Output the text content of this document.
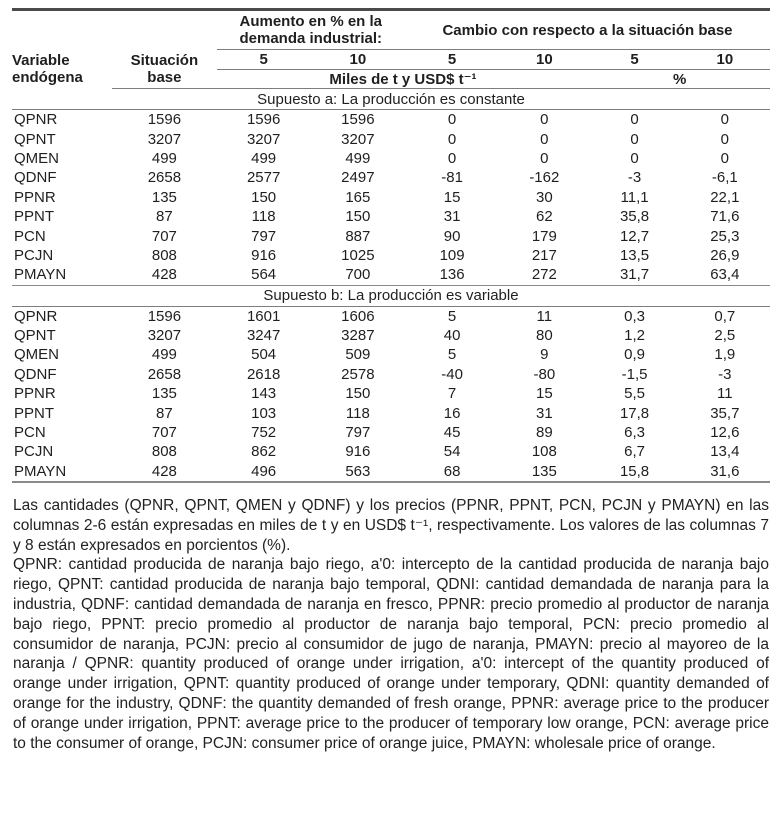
		Aumento en % en la demanda industrial:		Cambio con respecto a la situación base			
Variable endógena	Situación base	5	10	5	10	5	10
		Miles de t y USD$ t⁻¹				%	
Supuesto a: La producción es constante							
QPNR	1596	1596	1596	0	0	0	0
QPNT	3207	3207	3207	0	0	0	0
QMEN	499	499	499	0	0	0	0
QDNF	2658	2577	2497	-81	-162	-3	-6,1
PPNR	135	150	165	15	30	11,1	22,1
PPNT	87	118	150	31	62	35,8	71,6
PCN	707	797	887	90	179	12,7	25,3
PCJN	808	916	1025	109	217	13,5	26,9
PMAYN	428	564	700	136	272	31,7	63,4
Supuesto b: La producción es variable							
QPNR	1596	1601	1606	5	11	0,3	0,7
QPNT	3207	3247	3287	40	80	1,2	2,5
QMEN	499	504	509	5	9	0,9	1,9
QDNF	2658	2618	2578	-40	-80	-1,5	-3
PPNR	135	143	150	7	15	5,5	11
PPNT	87	103	118	16	31	17,8	35,7
PCN	707	752	797	45	89	6,3	12,6
PCJN	808	862	916	54	108	6,7	13,4
PMAYN	428	496	563	68	135	15,8	31,6

Las cantidades (QPNR, QPNT, QMEN y QDNF) y los precios (PPNR, PPNT, PCN, PCJN y PMAYN) en las columnas 2-6 están expresadas en miles de t y en USD$ t⁻¹, respectivamente. Los valores de las columnas 7 y 8 están expresados en porcientos (%).

QPNR: cantidad producida de naranja bajo riego, a'0: intercepto de la cantidad producida de naranja bajo riego, QPNT: cantidad producida de naranja bajo temporal, QDNI: cantidad demandada de naranja para la industria, QDNF: cantidad demandada de naranja en fresco, PPNR: precio promedio al productor de naranja bajo riego, PPNT: precio promedio al productor de naranja bajo temporal, PCN: precio promedio al consumidor de naranja, PCJN: precio al consumidor de jugo de naranja, PMAYN: precio al mayoreo de la naranja / QPNR: quantity produced of orange under irrigation, a'0: intercept of the quantity produced of orange under irrigation, QPNT: quantity produced of orange under temporary, QDNI: quantity demanded of orange for the industry, QDNF: the quantity demanded of fresh orange, PPNR: average price to the producer of orange under irrigation, PPNT: average price to the producer of temporary low orange, PCN: average price to the consumer of orange, PCJN: consumer price of orange juice, PMAYN: wholesale price of orange.
